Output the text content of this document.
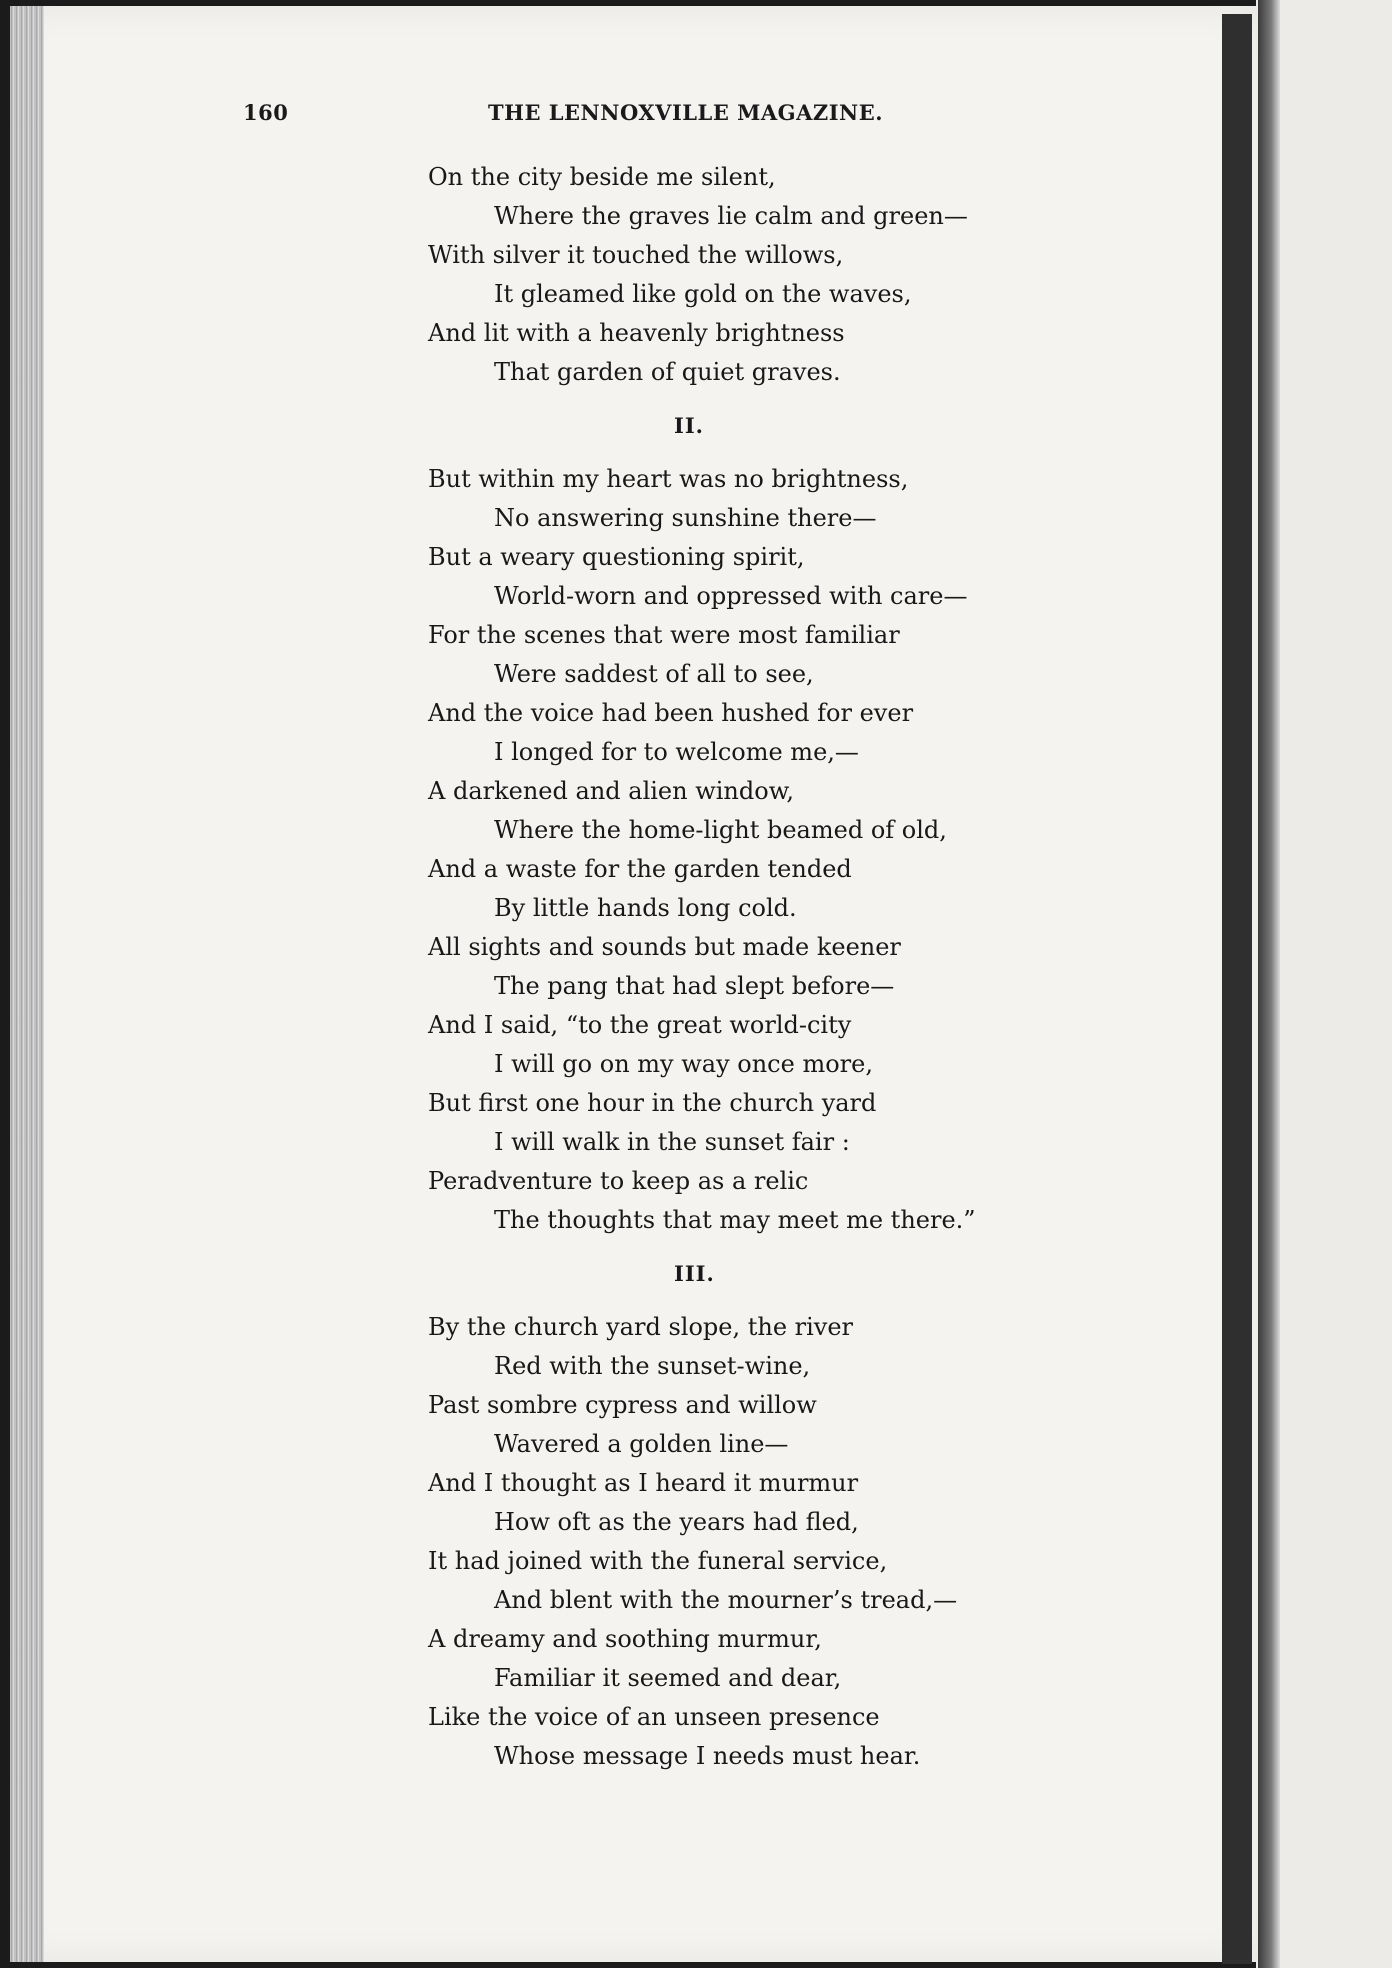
160	THE LENNOXVILLE MAGAZINE.
On the city beside me silent,
Where the graves lie calm and green—
With silver it touched the willows,
It gleamed like gold on the waves,
And lit with a heavenly brightness
That garden of quiet graves.
II.
But within my heart was no brightness,
No answering sunshine there—
But a weary questioning spirit,
World-worn and oppressed with care—
For the scenes that were most familiar
Were saddest of all to see,
And the voice had been hushed for ever
I longed for to welcome me,—
A darkened and alien window,
Where the home-light beamed of old,
And a waste for the garden tended
By little hands long cold.
All sights and sounds but made keener
The pang that had slept before—
And I said, “to the great world-city
I will go on my way once more,
But first one hour in the church yard
I will walk in the sunset fair :
Peradventure to keep as a relic
The thoughts that may meet me there.”
III.
By the church yard slope, the river
Red with the sunset-wine,
Past sombre cypress and willow
Wavered a golden line—
And I thought as I heard it murmur
How oft as the years had fled,
It had joined with the funeral service,
And blent with the mourner’s tread,—
A dreamy and soothing murmur,
Familiar it seemed and dear,
Like the voice of an unseen presence
Whose message I needs must hear.
